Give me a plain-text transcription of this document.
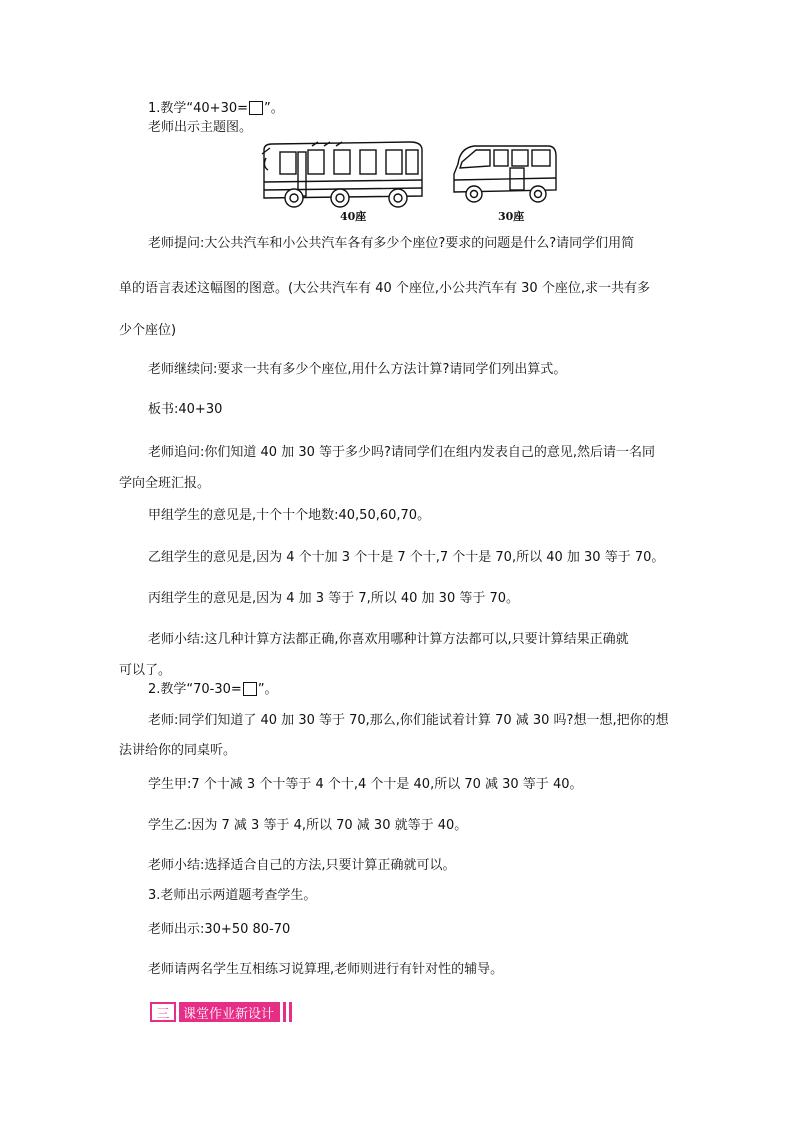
1.教学“40+30= ”。

老师出示主题图。

40座	30座

老师提问:大公共汽车和小公共汽车各有多少个座位?要求的问题是什么?请同学们用简

单的语言表述这幅图的图意。(大公共汽车有 40 个座位,小公共汽车有 30 个座位,求一共有多

少个座位)

老师继续问:要求一共有多少个座位,用什么方法计算?请同学们列出算式。

板书:40+30

老师追问:你们知道 40 加 30 等于多少吗?请同学们在组内发表自己的意见,然后请一名同

学向全班汇报。

甲组学生的意见是,十个十个地数:40,50,60,70。

乙组学生的意见是,因为 4 个十加 3 个十是 7 个十,7 个十是 70,所以 40 加 30 等于 70。

丙组学生的意见是,因为 4 加 3 等于 7,所以 40 加 30 等于 70。

老师小结:这几种计算方法都正确,你喜欢用哪种计算方法都可以,只要计算结果正确就

可以了。

2.教学“70-30= ”。

老师:同学们知道了 40 加 30 等于 70,那么,你们能试着计算 70 减 30 吗?想一想,把你的想

法讲给你的同桌听。

学生甲:7 个十减 3 个十等于 4 个十,4 个十是 40,所以 70 减 30 等于 40。

学生乙:因为 7 减 3 等于 4,所以 70 减 30 就等于 40。

老师小结:选择适合自己的方法,只要计算正确就可以。

3.老师出示两道题考查学生。

老师出示:30+50 80-70

老师请两名学生互相练习说算理,老师则进行有针对性的辅导。

三	课堂作业新设计
